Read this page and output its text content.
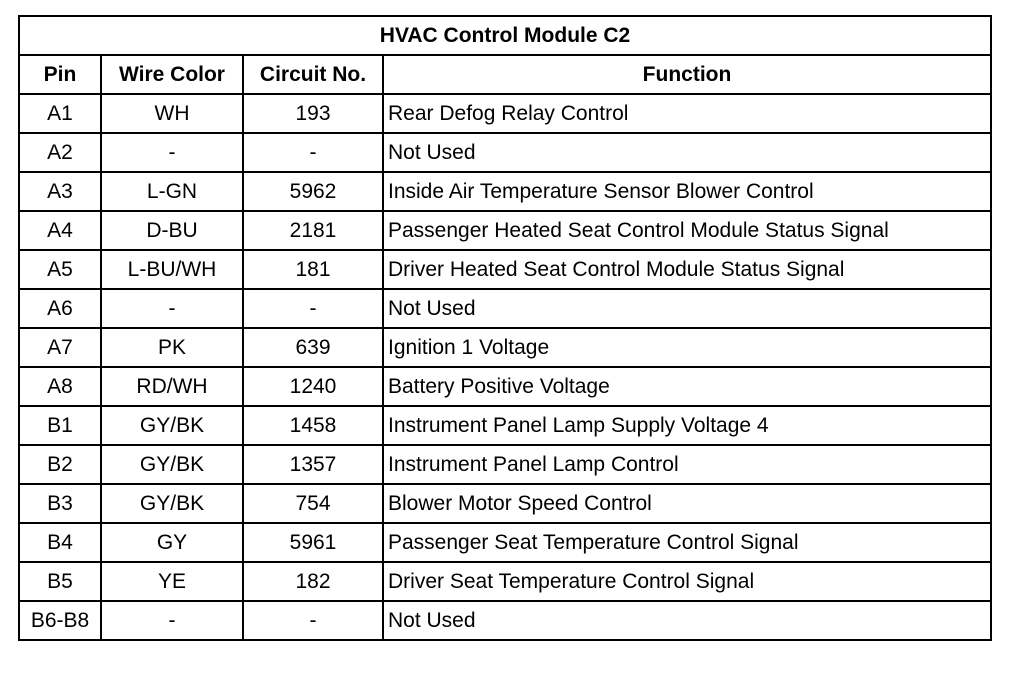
HVAC Control Module C2			
Pin	Wire Color	Circuit No.	Function
A1	WH	193	Rear Defog Relay Control
A2	-	-	Not Used
A3	L-GN	5962	Inside Air Temperature Sensor Blower Control
A4	D-BU	2181	Passenger Heated Seat Control Module Status Signal
A5	L-BU/WH	181	Driver Heated Seat Control Module Status Signal
A6	-	-	Not Used
A7	PK	639	Ignition 1 Voltage
A8	RD/WH	1240	Battery Positive Voltage
B1	GY/BK	1458	Instrument Panel Lamp Supply Voltage 4
B2	GY/BK	1357	Instrument Panel Lamp Control
B3	GY/BK	754	Blower Motor Speed Control
B4	GY	5961	Passenger Seat Temperature Control Signal
B5	YE	182	Driver Seat Temperature Control Signal
B6-B8	-	-	Not Used
